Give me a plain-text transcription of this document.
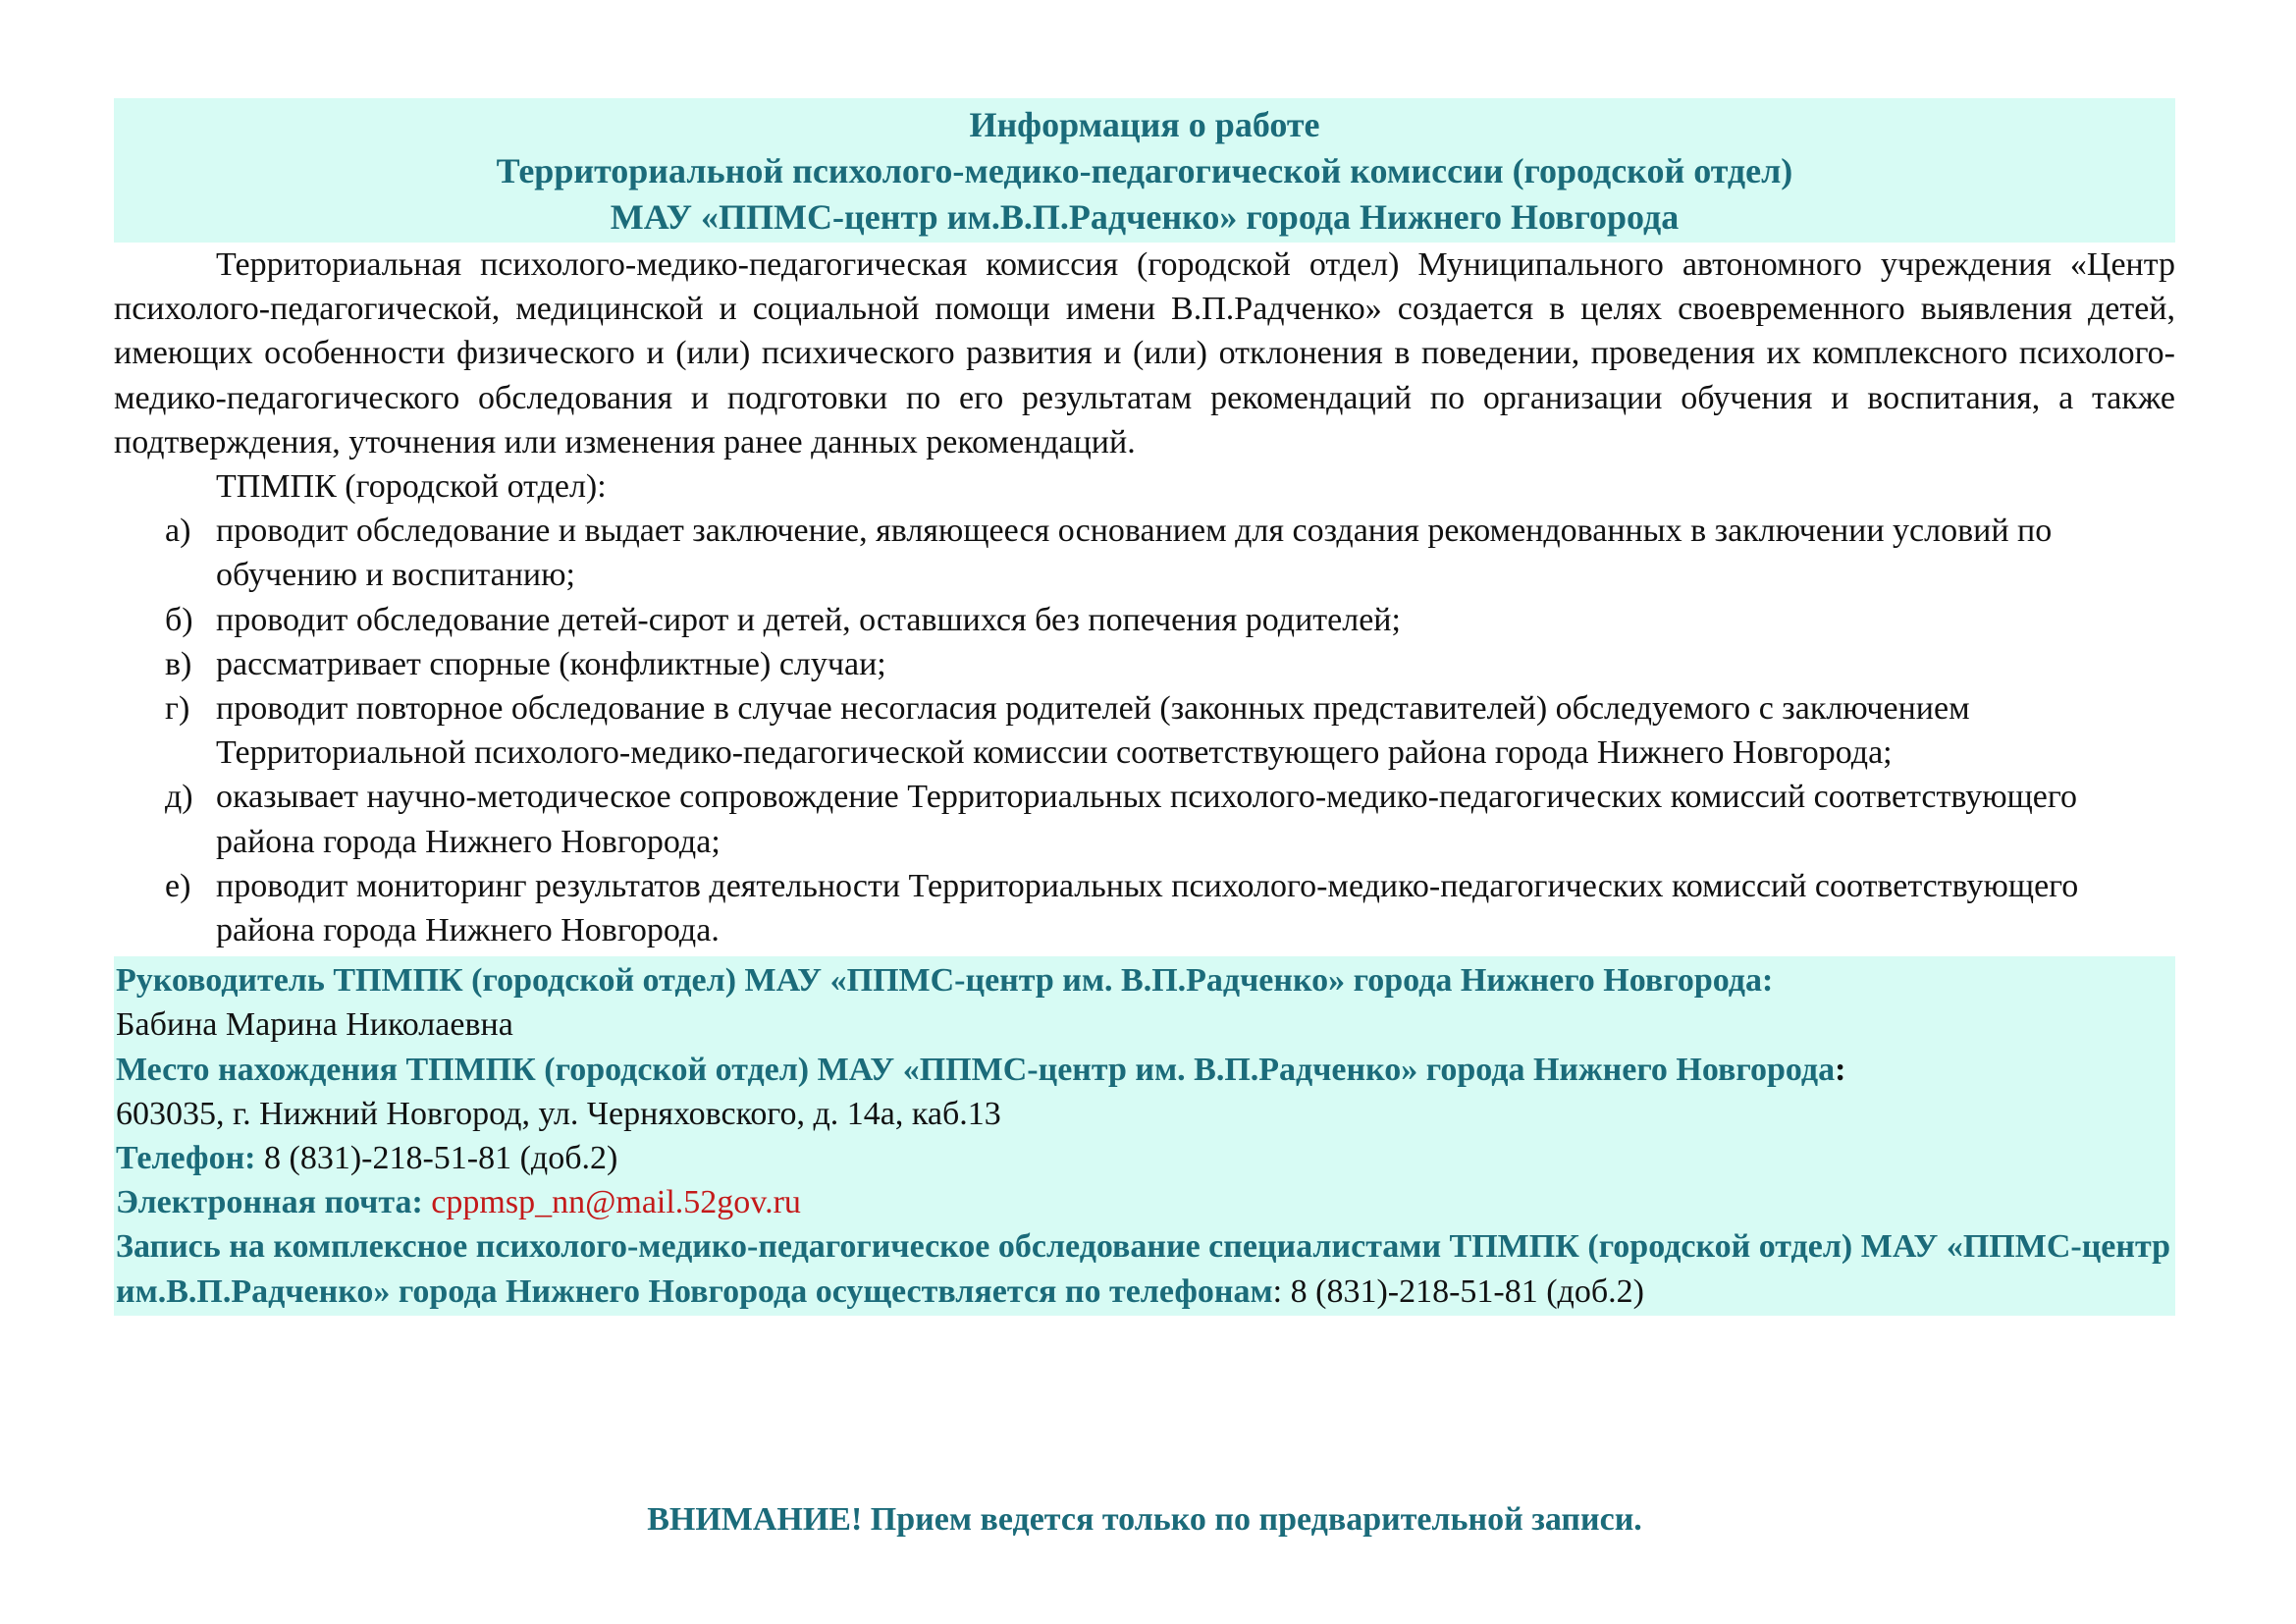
Информация о работе
Территориальной психолого-медико-педагогической комиссии (городской отдел)
МАУ «ППМС-центр им.В.П.Радченко» города Нижнего Новгорода

Территориальная психолого-медико-педагогическая комиссия (городской отдел) Муниципального автономного учреждения «Центр психолого-педагогической, медицинской и социальной помощи имени В.П.Радченко» создается в целях своевременного выявления детей, имеющих особенности физического и (или) психического развития и (или) отклонения в поведении, проведения их комплексного психолого-медико-педагогического обследования и подготовки по его результатам рекомендаций по организации обучения и воспитания, а также подтверждения, уточнения или изменения ранее данных рекомендаций.

ТПМПК (городской отдел):

а) проводит обследование и выдает заключение, являющееся основанием для создания рекомендованных в заключении условий по обучению и воспитанию;
б) проводит обследование детей-сирот и детей, оставшихся без попечения родителей;
в) рассматривает спорные (конфликтные) случаи;
г) проводит повторное обследование в случае несогласия родителей (законных представителей) обследуемого с заключением Территориальной психолого-медико-педагогической комиссии соответствующего района города Нижнего Новгорода;
д) оказывает научно-методическое сопровождение Территориальных психолого-медико-педагогических комиссий соответствующего района города Нижнего Новгорода;
е) проводит мониторинг результатов деятельности Территориальных психолого-медико-педагогических комиссий соответствующего района города Нижнего Новгорода.
Руководитель ТПМПК (городской отдел) МАУ «ППМС-центр им. В.П.Радченко» города Нижнего Новгорода:
Бабина Марина Николаевна
Место нахождения ТПМПК (городской отдел) МАУ «ППМС-центр им. В.П.Радченко» города Нижнего Новгорода:
603035, г. Нижний Новгород, ул. Черняховского, д. 14а, каб.13
Телефон: 8 (831)-218-51-81 (доб.2)
Электронная почта: cppmsp_nn@mail.52gov.ru
Запись на комплексное психолого-медико-педагогическое обследование специалистами ТПМПК (городской отдел) МАУ «ППМС-центр им.В.П.Радченко» города Нижнего Новгорода осуществляется по телефонам: 8 (831)-218-51-81 (доб.2)
ВНИМАНИЕ! Прием ведется только по предварительной записи.
